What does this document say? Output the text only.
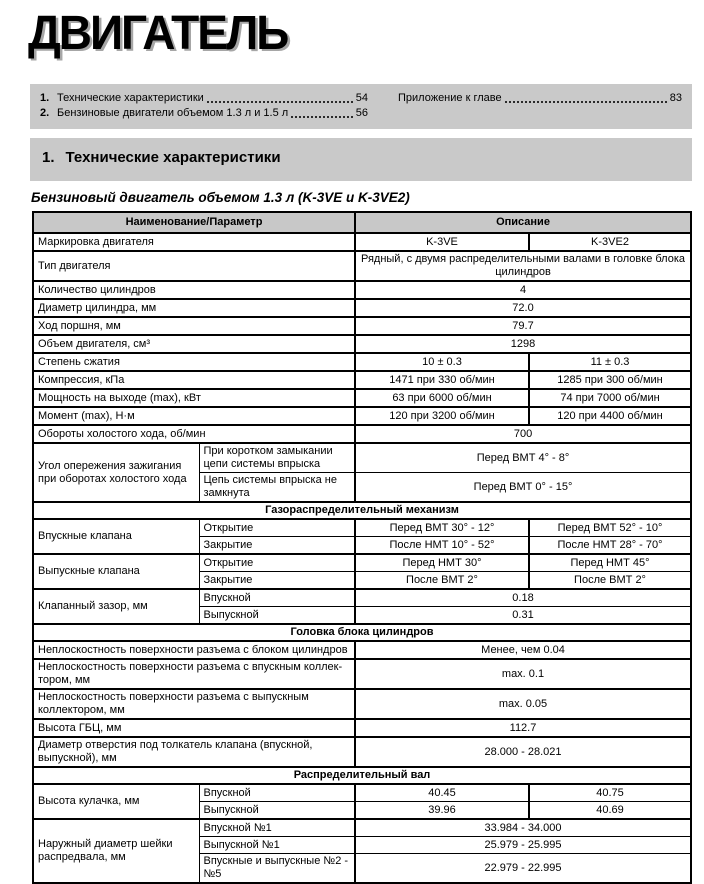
ДВИГАТЕЛЬ
1. Технические характеристики	54
2. Бензиновые двигатели объемом 1.3 л и 1.5 л	56
Приложение к главе	83
1. Технические характеристики
Бензиновый двигатель объемом 1.3 л (K-3VE и K-3VE2)
Наименование/Параметр		Описание	
Маркировка двигателя		K-3VE	K-3VE2
Тип двигателя		Рядный, с двумя распределительными валами в головке блока цилиндров	
Количество цилиндров		4	
Диаметр цилиндра, мм		72.0	
Ход поршня, мм		79.7	
Объем двигателя, см³		1298	
Степень сжатия		10 ± 0.3	11 ± 0.3
Компрессия, кПа		1471 при 330 об/мин	1285 при 300 об/мин
Мощность на выходе (max), кВт		63 при 6000 об/мин	74 при 7000 об/мин
Момент (max), Н·м		120 при 3200 об/мин	120 при 4400 об/мин
Обороты холостого хода, об/мин		700	
Угол опережения зажигания при оборотах холостого хода	При коротком замыкании цепи системы впрыска	Перед ВМТ 4° - 8°	
	Цепь системы впрыска не замкнута	Перед ВМТ 0° - 15°	
Газораспределительный механизм			
Впускные клапана	Открытие	Перед ВМТ 30° - 12°	Перед ВМТ 52° - 10°
	Закрытие	После НМТ 10° - 52°	После НМТ 28° - 70°
Выпускные клапана	Открытие	Перед НМТ 30°	Перед НМТ 45°
	Закрытие	После ВМТ 2°	После ВМТ 2°
Клапанный зазор, мм	Впускной	0.18	
	Выпускной	0.31	
Головка блока цилиндров			
Неплоскостность поверхности разъема с блоком цилиндров		Менее, чем 0.04	
Неплоскостность поверхности разъема с впускным коллек-тором, мм		max. 0.1	
Неплоскостность поверхности разъема с выпускным коллектором, мм		max. 0.05	
Высота ГБЦ, мм		112.7	
Диаметр отверстия под толкатель клапана (впускной, выпускной), мм		28.000 - 28.021	
Распределительный вал			
Высота кулачка, мм	Впускной	40.45	40.75
	Выпускной	39.96	40.69
Наружный диаметр шейки распредвала, мм	Впускной №1	33.984 - 34.000	
	Выпускной №1	25.979 - 25.995	
	Впускные и выпускные №2 - №5	22.979 - 22.995	
